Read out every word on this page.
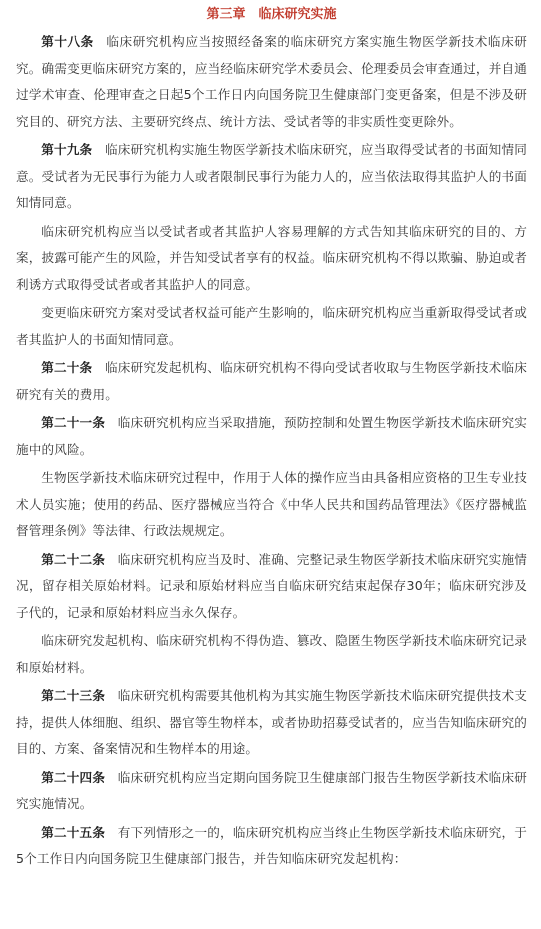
第三章　临床研究实施
第十八条 临床研究机构应当按照经备案的临床研究方案实施生物医学新技术临床研究。确需变更临床研究方案的，应当经临床研究学术委员会、伦理委员会审查通过，并自通过学术审查、伦理审查之日起5个工作日内向国务院卫生健康部门变更备案，但是不涉及研究目的、研究方法、主要研究终点、统计方法、受试者等的非实质性变更除外。
第十九条 临床研究机构实施生物医学新技术临床研究，应当取得受试者的书面知情同意。受试者为无民事行为能力人或者限制民事行为能力人的，应当依法取得其监护人的书面知情同意。
临床研究机构应当以受试者或者其监护人容易理解的方式告知其临床研究的目的、方案，披露可能产生的风险，并告知受试者享有的权益。临床研究机构不得以欺骗、胁迫或者利诱方式取得受试者或者其监护人的同意。
变更临床研究方案对受试者权益可能产生影响的，临床研究机构应当重新取得受试者或者其监护人的书面知情同意。
第二十条 临床研究发起机构、临床研究机构不得向受试者收取与生物医学新技术临床研究有关的费用。
第二十一条 临床研究机构应当采取措施，预防控制和处置生物医学新技术临床研究实施中的风险。
生物医学新技术临床研究过程中，作用于人体的操作应当由具备相应资格的卫生专业技术人员实施；使用的药品、医疗器械应当符合《中华人民共和国药品管理法》《医疗器械监督管理条例》等法律、行政法规规定。
第二十二条 临床研究机构应当及时、准确、完整记录生物医学新技术临床研究实施情况，留存相关原始材料。记录和原始材料应当自临床研究结束起保存30年；临床研究涉及子代的，记录和原始材料应当永久保存。
临床研究发起机构、临床研究机构不得伪造、篡改、隐匿生物医学新技术临床研究记录和原始材料。
第二十三条 临床研究机构需要其他机构为其实施生物医学新技术临床研究提供技术支持，提供人体细胞、组织、器官等生物样本，或者协助招募受试者的，应当告知临床研究的目的、方案、备案情况和生物样本的用途。
第二十四条 临床研究机构应当定期向国务院卫生健康部门报告生物医学新技术临床研究实施情况。
第二十五条 有下列情形之一的，临床研究机构应当终止生物医学新技术临床研究，于5个工作日内向国务院卫生健康部门报告，并告知临床研究发起机构：
